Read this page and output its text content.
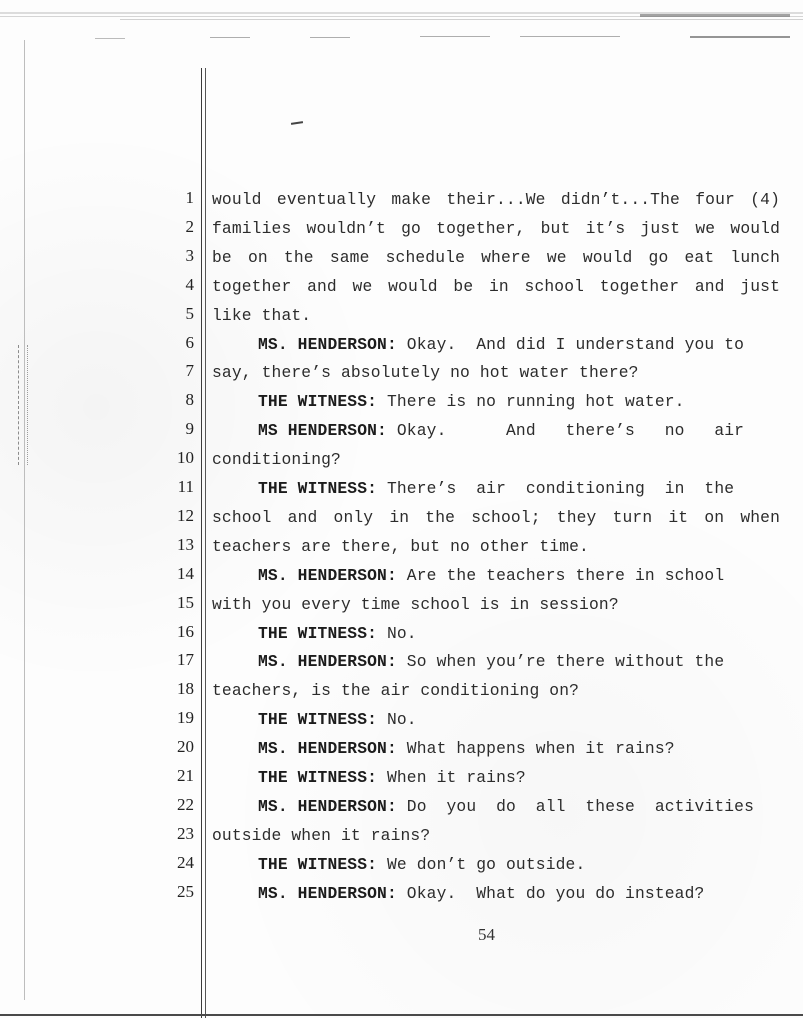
1 would eventually make their...We didn’t...The four (4)
2 families wouldn’t go together, but it’s just we would
3 be on the same schedule where we would go eat lunch
4 together and we would be in school together and just
5 like that.
6	MS. HENDERSON: Okay.  And did I understand you to
7 say, there’s absolutely no hot water there?
8	THE WITNESS: There is no running hot water.
9	MS HENDERSON: Okay.      And   there’s   no   air
10 conditioning?
11	THE WITNESS: There’s  air  conditioning  in  the
12 school and only in the school; they turn it on when
13 teachers are there, but no other time.
14	MS. HENDERSON: Are the teachers there in school
15 with you every time school is in session?
16	THE WITNESS: No.
17	MS. HENDERSON: So when you’re there without the
18 teachers, is the air conditioning on?
19	THE WITNESS: No.
20	MS. HENDERSON: What happens when it rains?
21	THE WITNESS: When it rains?
22	MS. HENDERSON: Do  you  do  all  these  activities
23 outside when it rains?
24	THE WITNESS: We don’t go outside.
25	MS. HENDERSON: Okay.  What do you do instead?
54
